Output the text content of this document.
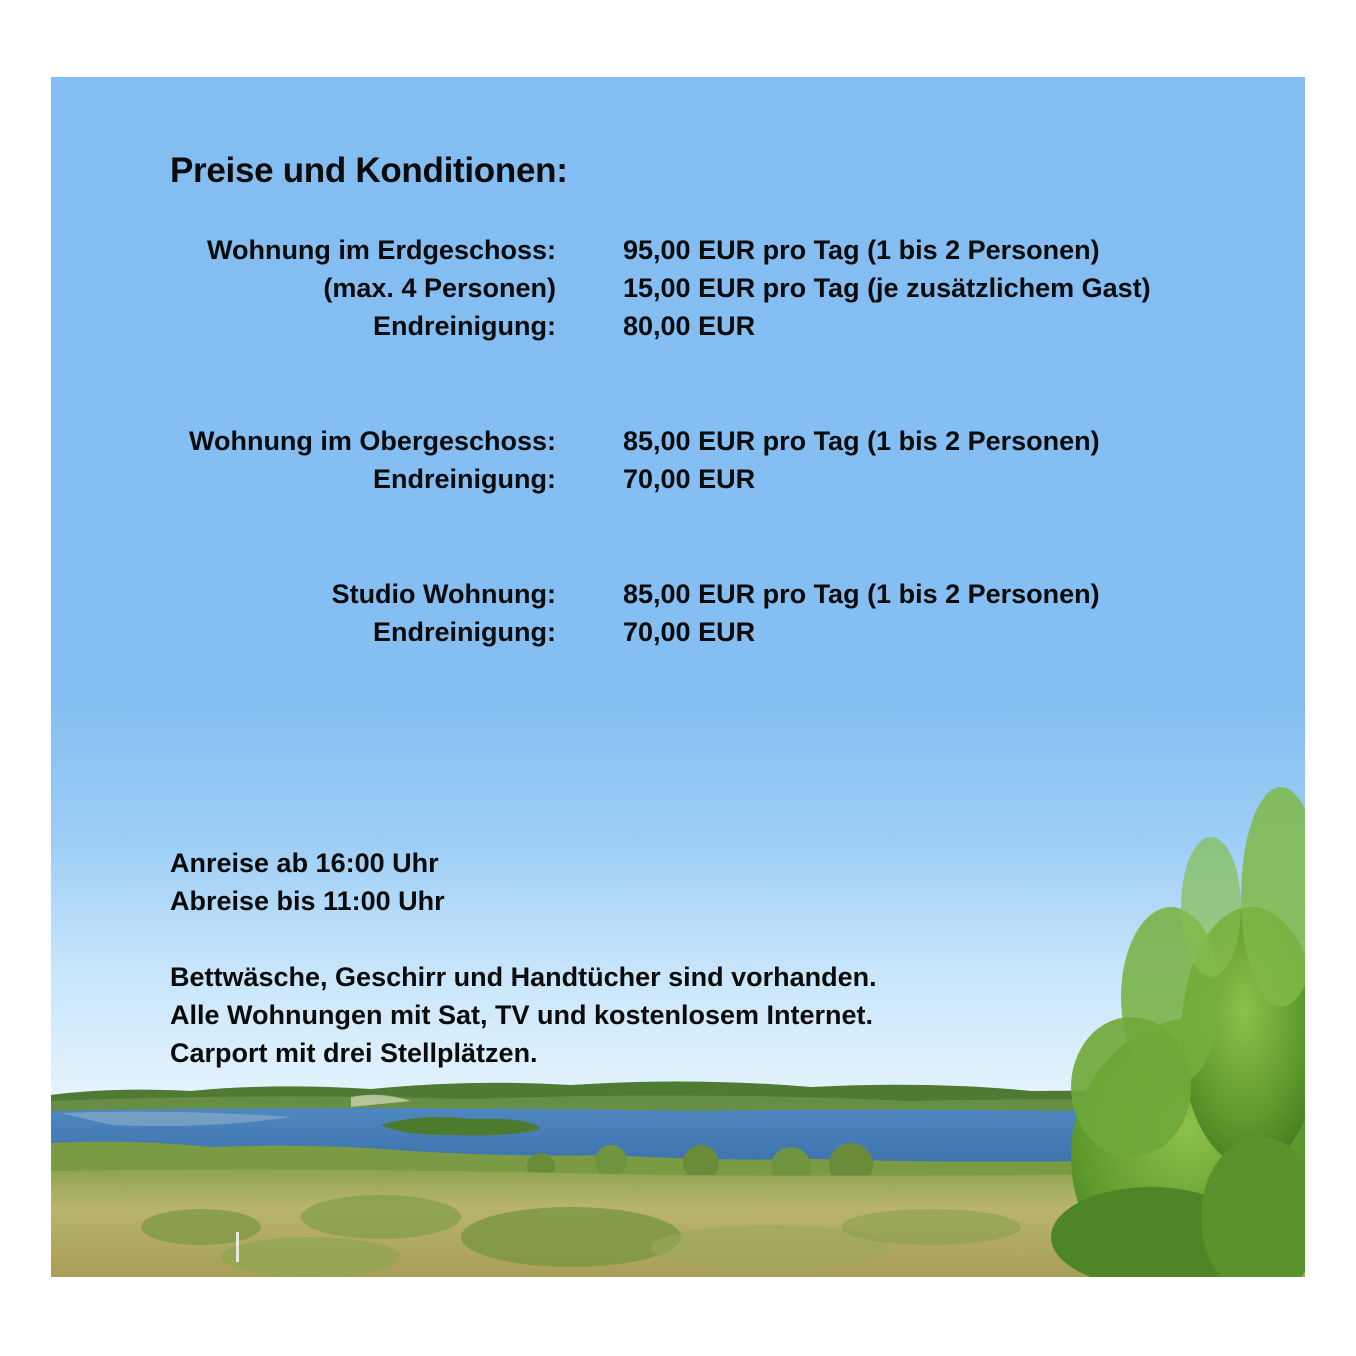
Preise und Konditionen:
Wohnung im Erdgeschoss: 95,00 EUR pro Tag (1 bis 2 Personen)
(max. 4 Personen) 15,00 EUR pro Tag (je zusätzlichem Gast)
Endreinigung: 80,00 EUR
Wohnung im Obergeschoss: 85,00 EUR pro Tag (1 bis 2 Personen)
Endreinigung: 70,00 EUR
Studio Wohnung: 85,00 EUR pro Tag (1 bis 2 Personen)
Endreinigung: 70,00 EUR
Anreise ab 16:00 Uhr
Abreise bis 11:00 Uhr
Bettwäsche, Geschirr und Handtücher sind vorhanden.
Alle Wohnungen mit Sat, TV und kostenlosem Internet.
Carport mit drei Stellplätzen.
